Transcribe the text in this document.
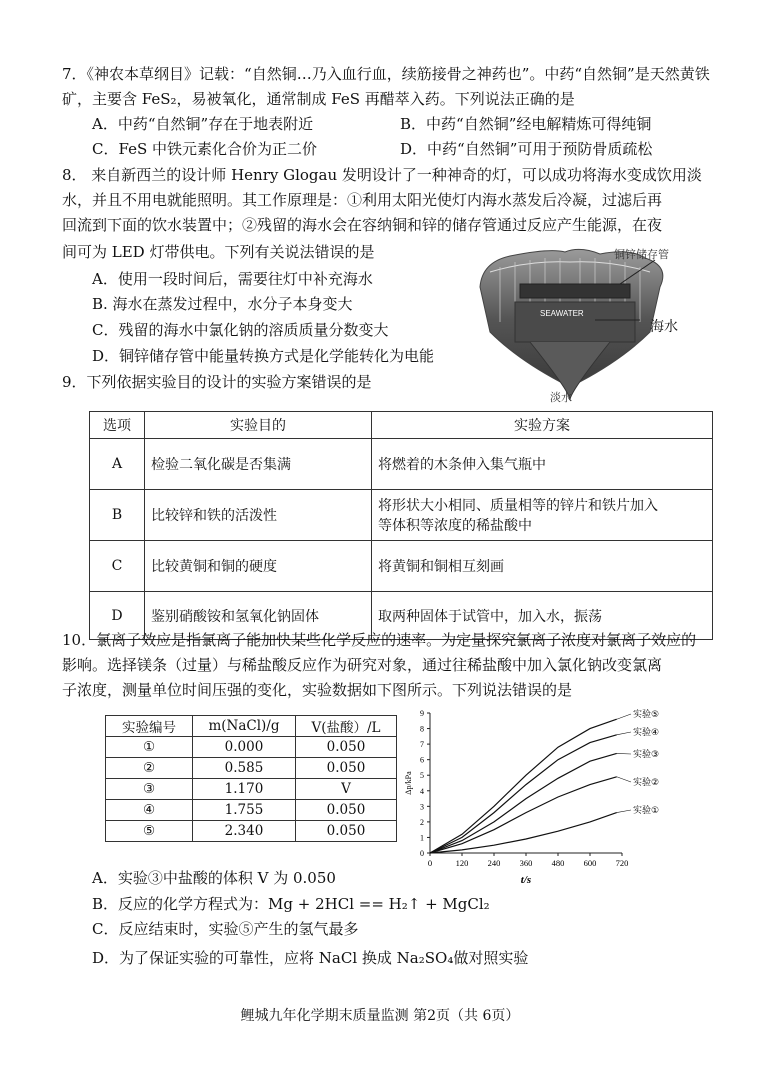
7．《神农本草纲目》记载：“自然铜…乃入血行血，续筋接骨之神药也”。中药“自然铜”是天然黄铁
矿，主要含 FeS₂，易被氧化，通常制成 FeS 再醋萃入药。下列说法正确的是
A．中药“自然铜”存在于地表附近	B．中药“自然铜”经电解精炼可得纯铜
C．FeS 中铁元素化合价为正二价	D．中药“自然铜”可用于预防骨质疏松
8． 来自新西兰的设计师 Henry Glogau 发明设计了一种神奇的灯，可以成功将海水变成饮用淡
水，并且不用电就能照明。其工作原理是：①利用太阳光使灯内海水蒸发后冷凝，过滤后再
回流到下面的饮水装置中；②残留的海水会在容纳铜和锌的储存管通过反应产生能源，在夜
间可为 LED 灯带供电。下列有关说法错误的是
A．使用一段时间后，需要往灯中补充海水
B. 海水在蒸发过程中，水分子本身变大
C．残留的海水中氯化钠的溶质质量分数变大
D．铜锌储存管中能量转换方式是化学能转化为电能
SEAWATER
铜锌储存管
海水
淡水
9．下列依据实验目的设计的实验方案错误的是
选项	实验目的	实验方案
A	检验二氧化碳是否集满	将燃着的木条伸入集气瓶中
B	比较锌和铁的活泼性	将形状大小相同、质量相等的锌片和铁片加入
等体积等浓度的稀盐酸中

C	比较黄铜和铜的硬度	将黄铜和铜相互刻画
D	鉴别硝酸铵和氢氧化钠固体	取两种固体于试管中，加入水，振荡
10．氯离子效应是指氯离子能加快某些化学反应的速率。为定量探究氯离子浓度对氯离子效应的
影响。选择镁条（过量）与稀盐酸反应作为研究对象，通过往稀盐酸中加入氯化钠改变氯离
子浓度，测量单位时间压强的变化，实验数据如下图所示。下列说法错误的是
实验编号	m(NaCl)/g	V(盐酸）/L
①	0.000	0.050
②	0.585	0.050
③	1.170	V
④	1.755	0.050
⑤	2.340	0.050
0
1
2
3
4
5
6
7
8
9
0	120 240 360 480 600 720
t/s
Δp/kPa
实验⑤
实验④
实验③
实验②
实验①
A．实验③中盐酸的体积 V 为 0.050
B．反应的化学方程式为：Mg + 2HCl == H₂↑ + MgCl₂
C．反应结束时，实验⑤产生的氢气最多
D．为了保证实验的可靠性，应将 NaCl 换成 Na₂SO₄做对照实验
鲤城九年化学期末质量监测 第2页（共 6页）
